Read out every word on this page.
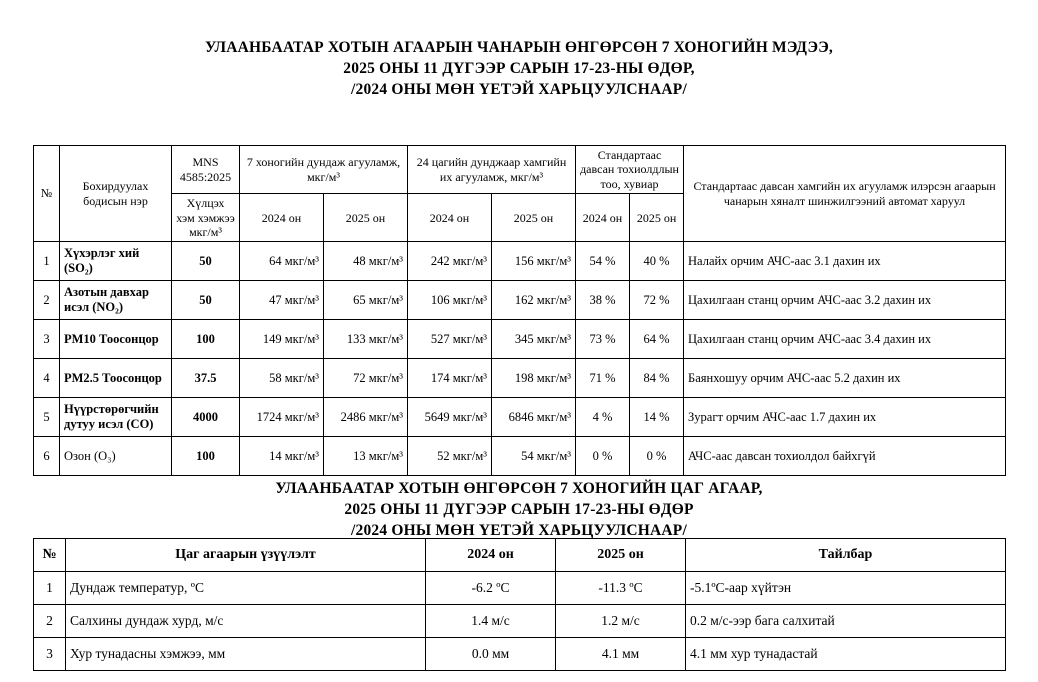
УЛААНБААТАР ХОТЫН АГААРЫН ЧАНАРЫН ӨНГӨРСӨН 7 ХОНОГИЙН МЭДЭЭ,
2025 ОНЫ 11 ДҮГЭЭР САРЫН 17-23-НЫ ӨДӨР,
/2024 ОНЫ МӨН ҮЕТЭЙ ХАРЬЦУУЛСНААР/
№	Бохирдуулах бодисын нэр	MNS 4585:2025	7 хоногийн дундаж агууламж, мкг/м³		24 цагийн дунджаар хамгийн их агууламж, мкг/м³		Стандартаас давсан тохиолдлын тоо, хувиар		Стандартаас давсан хамгийн их агууламж илэрсэн агаарын чанарын хяналт шинжилгээний автомат харуул
		Хүлцэх хэм хэмжээ мкг/м³	2024 он	2025 он	2024 он	2025 он	2024 он	2025 он	
1	Хүхэрлэг хий (SO₂)	50	64 мкг/м³	48 мкг/м³	242 мкг/м³	156 мкг/м³	54 %	40 %	Налайх орчим АЧС-аас 3.1 дахин их
2	Азотын давхар исэл (NO₂)	50	47 мкг/м³	65 мкг/м³	106 мкг/м³	162 мкг/м³	38 %	72 %	Цахилгаан станц орчим АЧС-аас 3.2 дахин их
3	PM10 Тоосонцор	100	149 мкг/м³	133 мкг/м³	527 мкг/м³	345 мкг/м³	73 %	64 %	Цахилгаан станц орчим АЧС-аас 3.4 дахин их
4	PM2.5 Тоосонцор	37.5	58 мкг/м³	72 мкг/м³	174 мкг/м³	198 мкг/м³	71 %	84 %	Баянхошуу орчим АЧС-аас 5.2 дахин их
5	Нүүрстөрөгчийн дутуу исэл (CO)	4000	1724 мкг/м³	2486 мкг/м³	5649 мкг/м³	6846 мкг/м³	4 %	14 %	Зурагт орчим АЧС-аас 1.7 дахин их
6	Озон (O₃)	100	14 мкг/м³	13 мкг/м³	52 мкг/м³	54 мкг/м³	0 %	0 %	АЧС-аас давсан тохиолдол байхгүй
УЛААНБААТАР ХОТЫН ӨНГӨРСӨН 7 ХОНОГИЙН ЦАГ АГААР,
2025 ОНЫ 11 ДҮГЭЭР САРЫН 17-23-НЫ ӨДӨР
/2024 ОНЫ МӨН ҮЕТЭЙ ХАРЬЦУУЛСНААР/
№	Цаг агаарын үзүүлэлт	2024 он	2025 он	Тайлбар
1	Дундаж температур, ºC	-6.2 ºC	-11.3 ºC	-5.1ºC-аар хүйтэн
2	Салхины дундаж хурд, м/с	1.4 м/с	1.2 м/с	0.2 м/с-ээр бага салхитай
3	Хур тунадасны хэмжээ, мм	0.0 мм	4.1 мм	4.1 мм хур тунадастай
